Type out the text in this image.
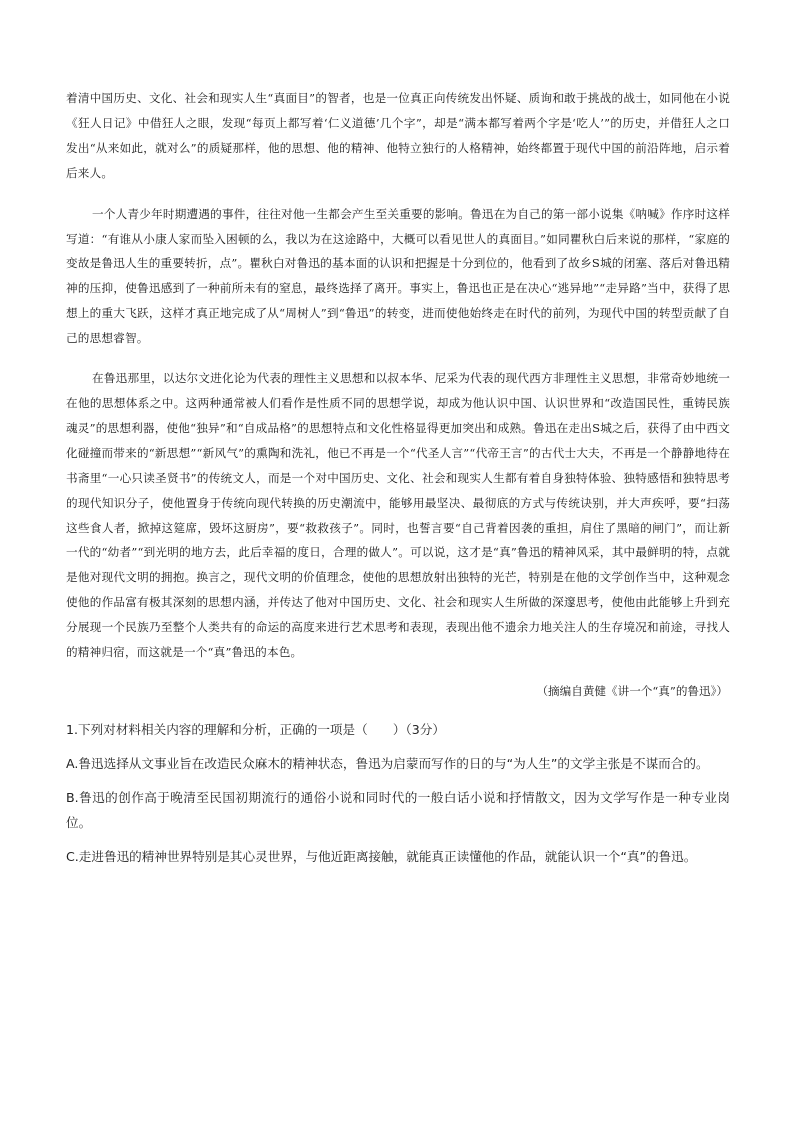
着清中国历史、文化、社会和现实人生“真面目”的智者，也是一位真正向传统发出怀疑、质询和敢于挑战的战士，如同他在小说《狂人日记》中借狂人之眼，发现“每页上都写着‘仁义道德’几个字”，却是“满本都写着两个字是‘吃人’”的历史，并借狂人之口发出“从来如此，就对么”的质疑那样，他的思想、他的精神、他特立独行的人格精神，始终都置于现代中国的前沿阵地，启示着后来人。

一个人青少年时期遭遇的事件，往往对他一生都会产生至关重要的影响。鲁迅在为自己的第一部小说集《呐喊》作序时这样写道：“有谁从小康人家而坠入困顿的么，我以为在这途路中，大概可以看见世人的真面目。”如同瞿秋白后来说的那样，“家庭的变故是鲁迅人生的重要转折，点”。瞿秋白对鲁迅的基本面的认识和把握是十分到位的，他看到了故乡S城的闭塞、落后对鲁迅精神的压抑，使鲁迅感到了一种前所未有的窒息，最终选择了离开。事实上，鲁迅也正是在决心“逃异地”“走异路”当中，获得了思想上的重大飞跃，这样才真正地完成了从“周树人”到“鲁迅”的转变，进而使他始终走在时代的前列，为现代中国的转型贡献了自己的思想睿智。

在鲁迅那里，以达尔文进化论为代表的理性主义思想和以叔本华、尼采为代表的现代西方非理性主义思想，非常奇妙地统一在他的思想体系之中。这两种通常被人们看作是性质不同的思想学说，却成为他认识中国、认识世界和“改造国民性，重铸民族魂灵”的思想利器，使他“独异”和“自成品格”的思想特点和文化性格显得更加突出和成熟。鲁迅在走出S城之后，获得了由中西文化碰撞而带来的“新思想”“新风气”的熏陶和洗礼，他已不再是一个“代圣人言”“代帝王言”的古代士大夫，不再是一个静静地待在书斋里“一心只读圣贤书”的传统文人，而是一个对中国历史、文化、社会和现实人生都有着自身独特体验、独特感悟和独特思考的现代知识分子，使他置身于传统向现代转换的历史潮流中，能够用最坚决、最彻底的方式与传统诀别，并大声疾呼，要“扫荡这些食人者，掀掉这筵席，毁坏这厨房”，要“救救孩子”。同时，也誓言要“自己背着因袭的重担，肩住了黑暗的闸门”，而让新一代的“幼者”“到光明的地方去，此后幸福的度日，合理的做人”。可以说，这才是“真”鲁迅的精神风采，其中最鲜明的特，点就是他对现代文明的拥抱。换言之，现代文明的价值理念，使他的思想放射出独特的光芒，特别是在他的文学创作当中，这种观念使他的作品富有极其深刻的思想内涵，并传达了他对中国历史、文化、社会和现实人生所做的深邃思考，使他由此能够上升到充分展现一个民族乃至整个人类共有的命运的高度来进行艺术思考和表现，表现出他不遗余力地关注人的生存境况和前途，寻找人的精神归宿，而这就是一个“真”鲁迅的本色。

（摘编自黄健《讲一个“真”的鲁迅》）
1.下列对材料相关内容的理解和分析，正确的一项是（　　）（3分）
A.鲁迅选择从文事业旨在改造民众麻木的精神状态，鲁迅为启蒙而写作的日的与“为人生”的文学主张是不谋而合的。
B.鲁迅的创作高于晚清至民国初期流行的通俗小说和同时代的一般白话小说和抒情散文，因为文学写作是一种专业岗位。
C.走进鲁迅的精神世界特别是其心灵世界，与他近距离接触，就能真正读懂他的作品，就能认识一个“真”的鲁迅。
